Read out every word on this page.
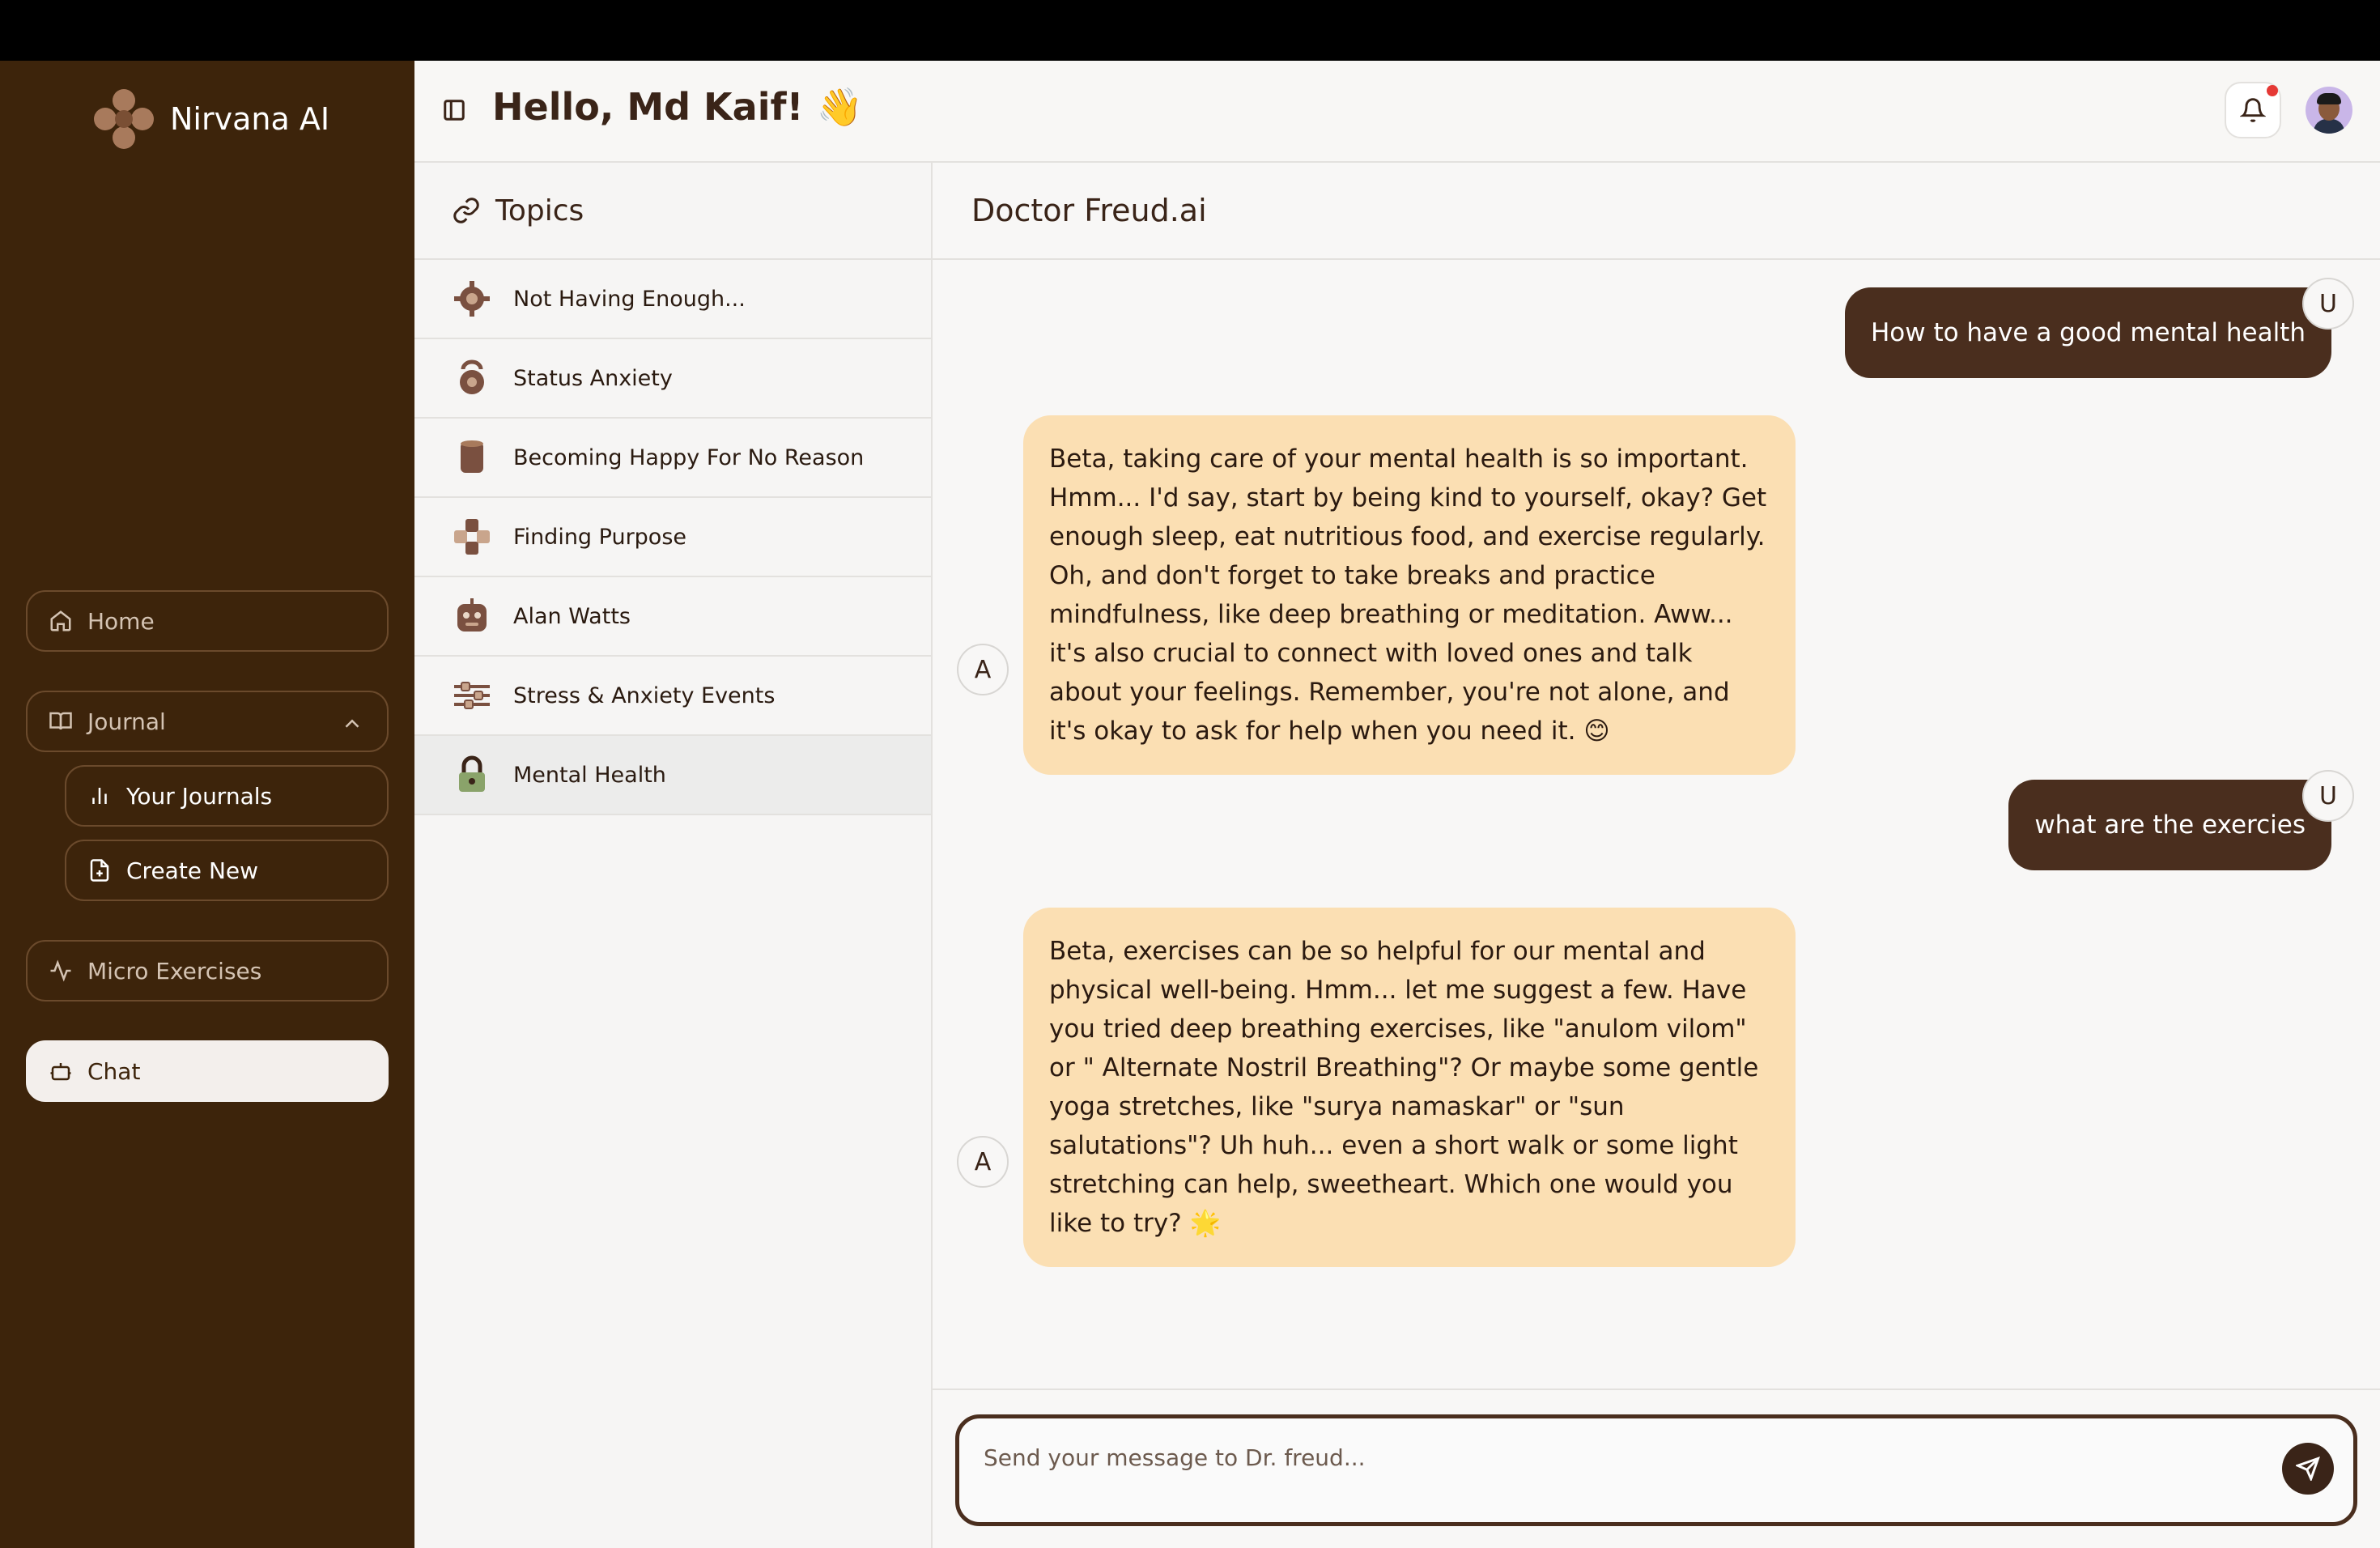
Nirvana AI
Home
Journal
Your Journals
Create New
Micro Exercises
Chat
Hello, Md Kaif! 👋
Topics
Not Having Enough...
Status Anxiety
Becoming Happy For No Reason
Finding Purpose
Alan Watts
Stress & Anxiety Events
Mental Health
Doctor Freud.ai
How to have a good mental health
U
A
Beta, taking care of your mental health is so important. Hmm... I'd say, start by being kind to yourself, okay? Get enough sleep, eat nutritious food, and exercise regularly. Oh, and don't forget to take breaks and practice mindfulness, like deep breathing or meditation. Aww... it's also crucial to connect with loved ones and talk about your feelings. Remember, you're not alone, and it's okay to ask for help when you need it. 😊
what are the exercies
U
A
Beta, exercises can be so helpful for our mental and physical well-being. Hmm... let me suggest a few. Have you tried deep breathing exercises, like "anulom vilom" or " Alternate Nostril Breathing"? Or maybe some gentle yoga stretches, like "surya namaskar" or "sun salutations"? Uh huh... even a short walk or some light stretching can help, sweetheart. Which one would you like to try? 🌟
Send your message to Dr. freud...
